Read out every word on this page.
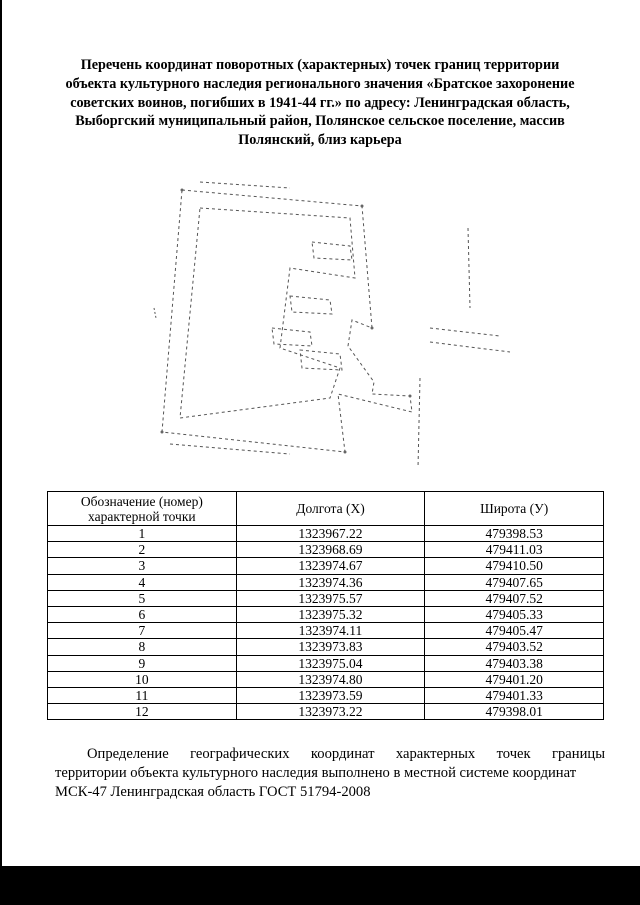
Перечень координат поворотных (характерных) точек границ территории
объекта культурного наследия регионального значения «Братское захоронение
советских воинов, погибших в 1941-44 гг.» по адресу: Ленинградская область,
Выборгский муниципальный район, Полянское сельское поселение, массив
Полянский, близ карьера
Обозначение (номер) характерной точки	Долгота (X)	Широта (У)
1	1323967.22	479398.53
2	1323968.69	479411.03
3	1323974.67	479410.50
4	1323974.36	479407.65
5	1323975.57	479407.52
6	1323975.32	479405.33
7	1323974.11	479405.47
8	1323973.83	479403.52
9	1323975.04	479403.38
10	1323974.80	479401.20
11	1323973.59	479401.33
12	1323973.22	479398.01
Определение географических координат характерных точек границы
территории объекта культурного наследия выполнено в местной системе координат
МСК-47 Ленинградская область ГОСТ 51794-2008
